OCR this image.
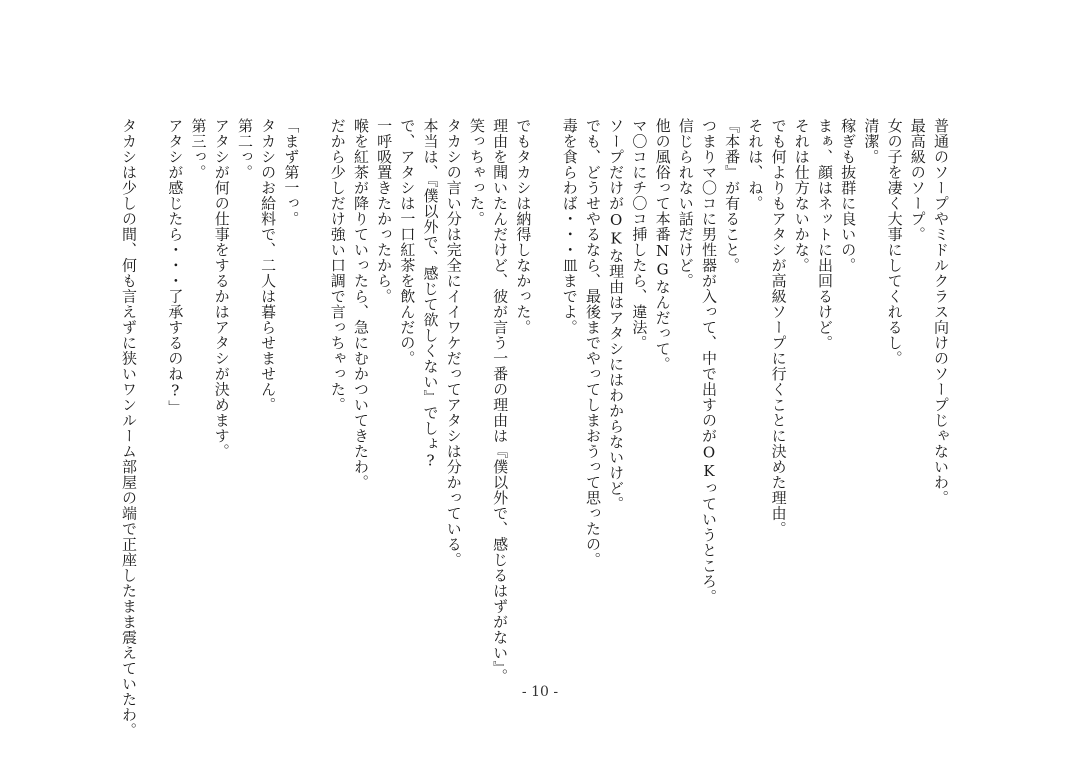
普通のソープやミドルクラス向けのソープじゃないわ。
最高級のソープ。
女の子を凄く大事にしてくれるし。
清潔。
稼ぎも抜群に良いの。
まぁ、顔はネットに出回るけど。
それは仕方ないかな。
でも何よりもアタシが高級ソープに行くことに決めた理由。
それは、ね。
『本番』が有ること。
つまりマ〇コに男性器が入って、中で出すのがOKっていうところ。
信じられない話だけど。
他の風俗って本番NGなんだって。
マ〇コにチ〇コ挿したら、違法。
ソープだけがOKな理由はアタシにはわからないけど。
でも、どうせやるなら、最後までやってしまおうって思ったの。
毒を食らわば・・・皿までよ。
でもタカシは納得しなかった。
理由を聞いたんだけど、彼が言う一番の理由は『僕以外で、感じるはずがない』。
笑っちゃった。
タカシの言い分は完全にイイワケだってアタシは分かっている。
本当は、『僕以外で、感じて欲しくない』でしょ?
で、アタシは一口紅茶を飲んだの。
一呼吸置きたかったから。
喉を紅茶が降りていったら、急にむかついてきたわ。
だから少しだけ強い口調で言っちゃった。
「まず第一っ。
タカシのお給料で、二人は暮らせません。
第二っ。
アタシが何の仕事をするかはアタシが決めます。
第三っ。
アタシが感じたら・・・了承するのね?」
タカシは少しの間、何も言えずに狭いワンルーム部屋の端で正座したまま震えていたわ。	- 10 -
